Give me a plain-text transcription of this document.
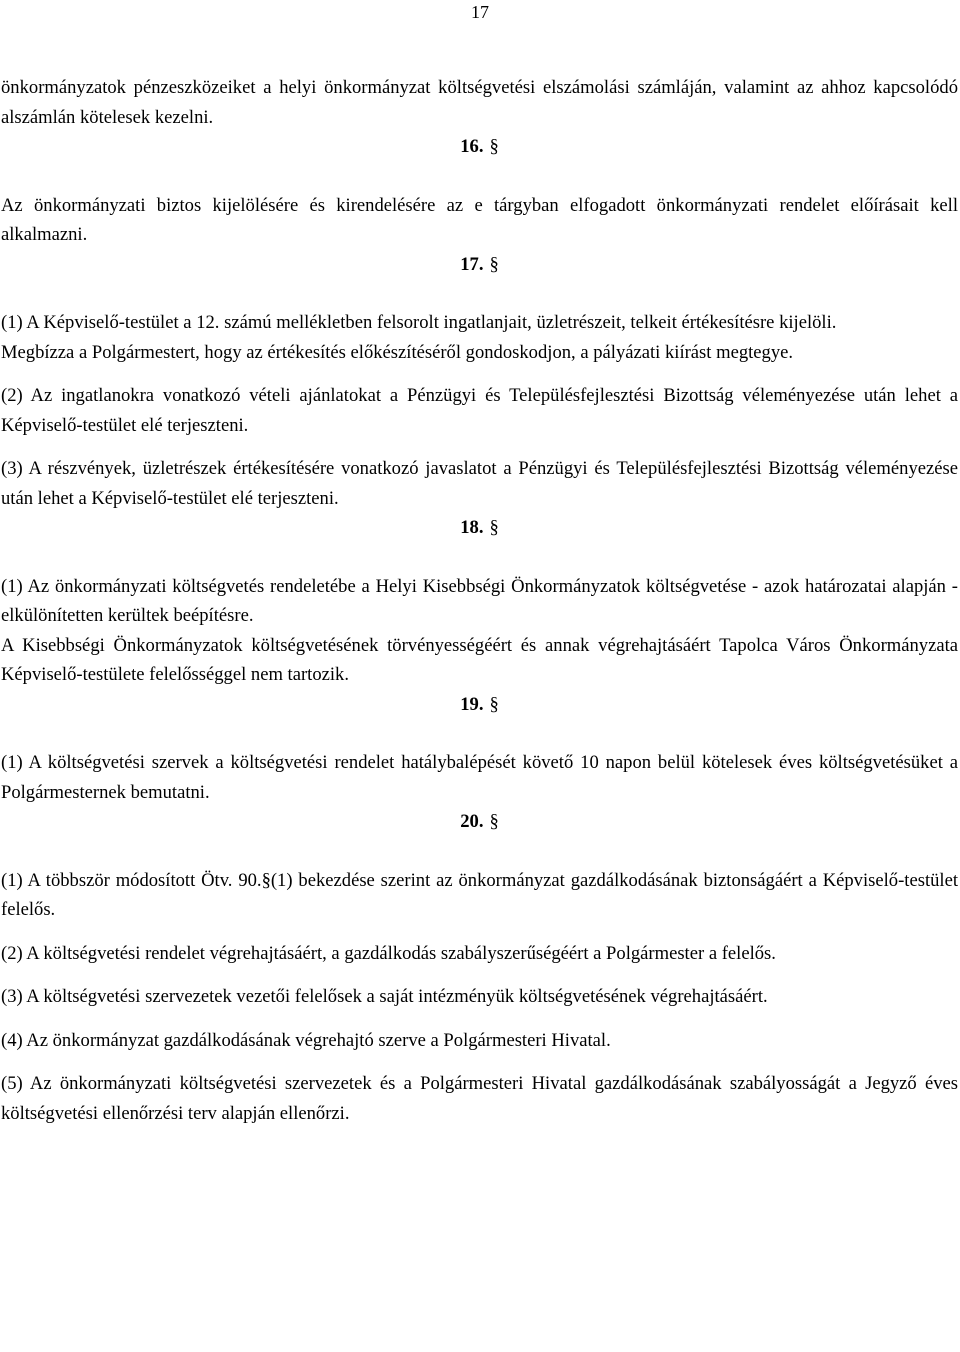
17

önkormányzatok pénzeszközeiket a helyi önkormányzat költségvetési elszámolási számláján, valamint az ahhoz kapcsolódó alszámlán kötelesek kezelni.

16. §

Az önkormányzati biztos kijelölésére és kirendelésére az e tárgyban elfogadott önkormányzati rendelet előírásait kell alkalmazni.

17. §

(1) A Képviselő-testület a 12. számú mellékletben felsorolt ingatlanjait, üzletrészeit, telkeit értékesítésre kijelöli.

Megbízza a Polgármestert, hogy az értékesítés előkészítéséről gondoskodjon, a pályázati kiírást megtegye.

(2) Az ingatlanokra vonatkozó vételi ajánlatokat a Pénzügyi és Településfejlesztési Bizottság véleményezése után lehet a Képviselő-testület elé terjeszteni.

(3) A részvények, üzletrészek értékesítésére vonatkozó javaslatot a Pénzügyi és Településfejlesztési Bizottság véleményezése után lehet a Képviselő-testület elé terjeszteni.

18. §

(1) Az önkormányzati költségvetés rendeletébe a Helyi Kisebbségi Önkormányzatok költségvetése - azok határozatai alapján - elkülönítetten kerültek beépítésre.

A Kisebbségi Önkormányzatok költségvetésének törvényességéért és annak végrehajtásáért Tapolca Város Önkormányzata Képviselő-testülete felelősséggel nem tartozik.

19. §

(1) A költségvetési szervek a költségvetési rendelet hatálybalépését követő 10 napon belül kötelesek éves költségvetésüket a Polgármesternek bemutatni.

20. §

(1) A többször módosított Ötv. 90.§(1) bekezdése szerint az önkormányzat gazdálkodásának biztonságáért a Képviselő-testület felelős.

(2) A költségvetési rendelet végrehajtásáért, a gazdálkodás szabályszerűségéért a Polgármester a felelős.

(3) A költségvetési szervezetek vezetői felelősek a saját intézményük költségvetésének végrehajtásáért.

(4) Az önkormányzat gazdálkodásának végrehajtó szerve a Polgármesteri Hivatal.

(5) Az önkormányzati költségvetési szervezetek és a Polgármesteri Hivatal gazdálkodásának szabályosságát a Jegyző éves költségvetési ellenőrzési terv alapján ellenőrzi.
